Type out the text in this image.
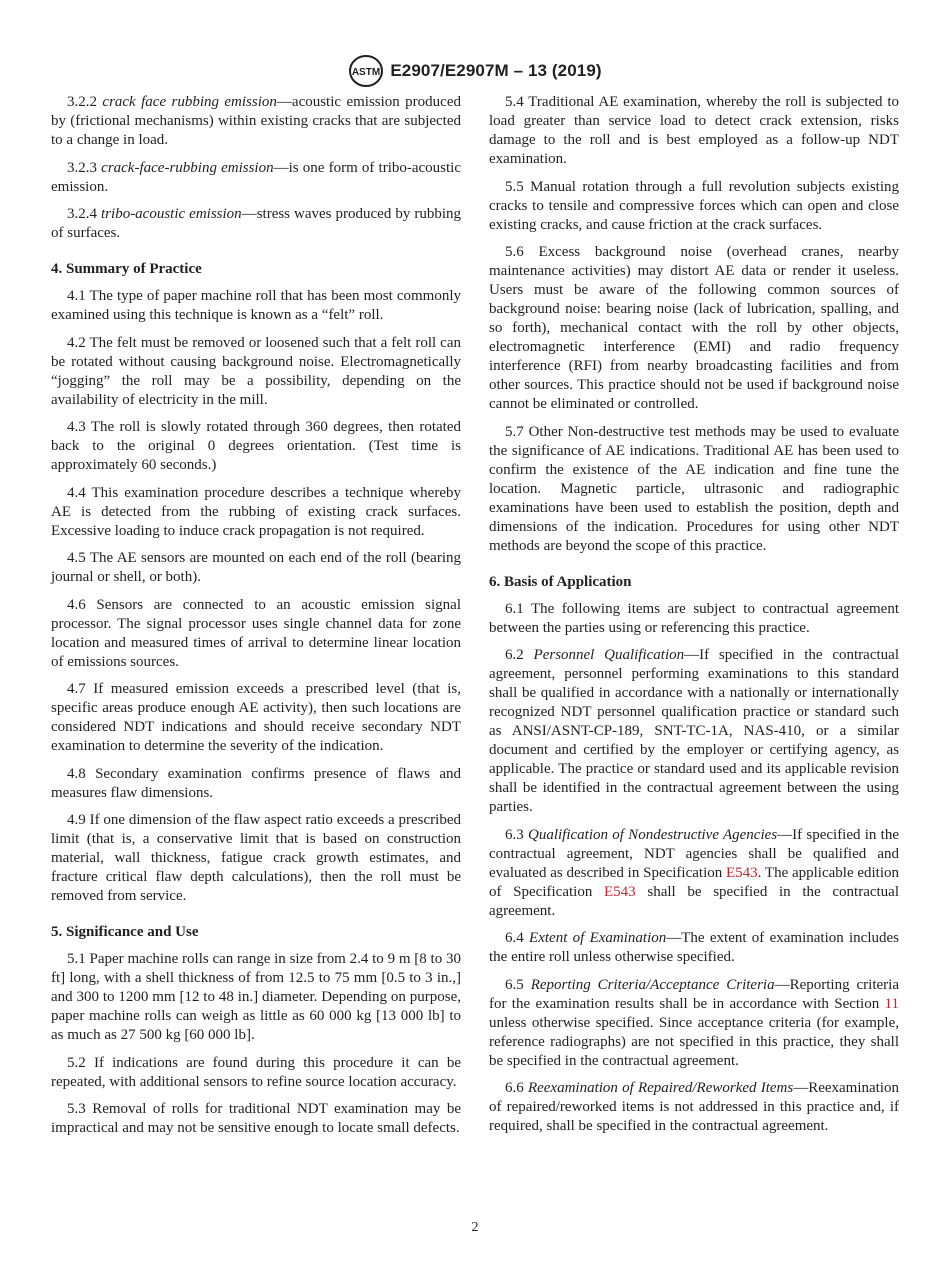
ASTM E2907/E2907M – 13 (2019)

3.2.2 crack face rubbing emission—acoustic emission produced by (frictional mechanisms) within existing cracks that are subjected to a change in load.

3.2.3 crack-face-rubbing emission—is one form of tribo-acoustic emission.

3.2.4 tribo-acoustic emission—stress waves produced by rubbing of surfaces.

4. Summary of Practice

4.1 The type of paper machine roll that has been most commonly examined using this technique is known as a “felt” roll.

4.2 The felt must be removed or loosened such that a felt roll can be rotated without causing background noise. Electromagnetically “jogging” the roll may be a possibility, depending on the availability of electricity in the mill.

4.3 The roll is slowly rotated through 360 degrees, then rotated back to the original 0 degrees orientation. (Test time is approximately 60 seconds.)

4.4 This examination procedure describes a technique whereby AE is detected from the rubbing of existing crack surfaces. Excessive loading to induce crack propagation is not required.

4.5 The AE sensors are mounted on each end of the roll (bearing journal or shell, or both).

4.6 Sensors are connected to an acoustic emission signal processor. The signal processor uses single channel data for zone location and measured times of arrival to determine linear location of emissions sources.

4.7 If measured emission exceeds a prescribed level (that is, specific areas produce enough AE activity), then such locations are considered NDT indications and should receive secondary NDT examination to determine the severity of the indication.

4.8 Secondary examination confirms presence of flaws and measures flaw dimensions.

4.9 If one dimension of the flaw aspect ratio exceeds a prescribed limit (that is, a conservative limit that is based on construction material, wall thickness, fatigue crack growth estimates, and fracture critical flaw depth calculations), then the roll must be removed from service.

5. Significance and Use

5.1 Paper machine rolls can range in size from 2.4 to 9 m [8 to 30 ft] long, with a shell thickness of from 12.5 to 75 mm [0.5 to 3 in.,] and 300 to 1200 mm [12 to 48 in.] diameter. Depending on purpose, paper machine rolls can weigh as little as 60 000 kg [13 000 lb] to as much as 27 500 kg [60 000 lb].

5.2 If indications are found during this procedure it can be repeated, with additional sensors to refine source location accuracy.

5.3 Removal of rolls for traditional NDT examination may be impractical and may not be sensitive enough to locate small defects.

5.4 Traditional AE examination, whereby the roll is subjected to load greater than service load to detect crack extension, risks damage to the roll and is best employed as a follow-up NDT examination.

5.5 Manual rotation through a full revolution subjects existing cracks to tensile and compressive forces which can open and close existing cracks, and cause friction at the crack surfaces.

5.6 Excess background noise (overhead cranes, nearby maintenance activities) may distort AE data or render it useless. Users must be aware of the following common sources of background noise: bearing noise (lack of lubrication, spalling, and so forth), mechanical contact with the roll by other objects, electromagnetic interference (EMI) and radio frequency interference (RFI) from nearby broadcasting facilities and from other sources. This practice should not be used if background noise cannot be eliminated or controlled.

5.7 Other Non-destructive test methods may be used to evaluate the significance of AE indications. Traditional AE has been used to confirm the existence of the AE indication and fine tune the location. Magnetic particle, ultrasonic and radiographic examinations have been used to establish the position, depth and dimensions of the indication. Procedures for using other NDT methods are beyond the scope of this practice.

6. Basis of Application

6.1 The following items are subject to contractual agreement between the parties using or referencing this practice.

6.2 Personnel Qualification—If specified in the contractual agreement, personnel performing examinations to this standard shall be qualified in accordance with a nationally or internationally recognized NDT personnel qualification practice or standard such as ANSI/ASNT-CP-189, SNT-TC-1A, NAS-410, or a similar document and certified by the employer or certifying agency, as applicable. The practice or standard used and its applicable revision shall be identified in the contractual agreement between the using parties.

6.3 Qualification of Nondestructive Agencies—If specified in the contractual agreement, NDT agencies shall be qualified and evaluated as described in Specification E543. The applicable edition of Specification E543 shall be specified in the contractual agreement.

6.4 Extent of Examination—The extent of examination includes the entire roll unless otherwise specified.

6.5 Reporting Criteria/Acceptance Criteria—Reporting criteria for the examination results shall be in accordance with Section 11 unless otherwise specified. Since acceptance criteria (for example, reference radiographs) are not specified in this practice, they shall be specified in the contractual agreement.

6.6 Reexamination of Repaired/Reworked Items—Reexamination of repaired/reworked items is not addressed in this practice and, if required, shall be specified in the contractual agreement.

2
